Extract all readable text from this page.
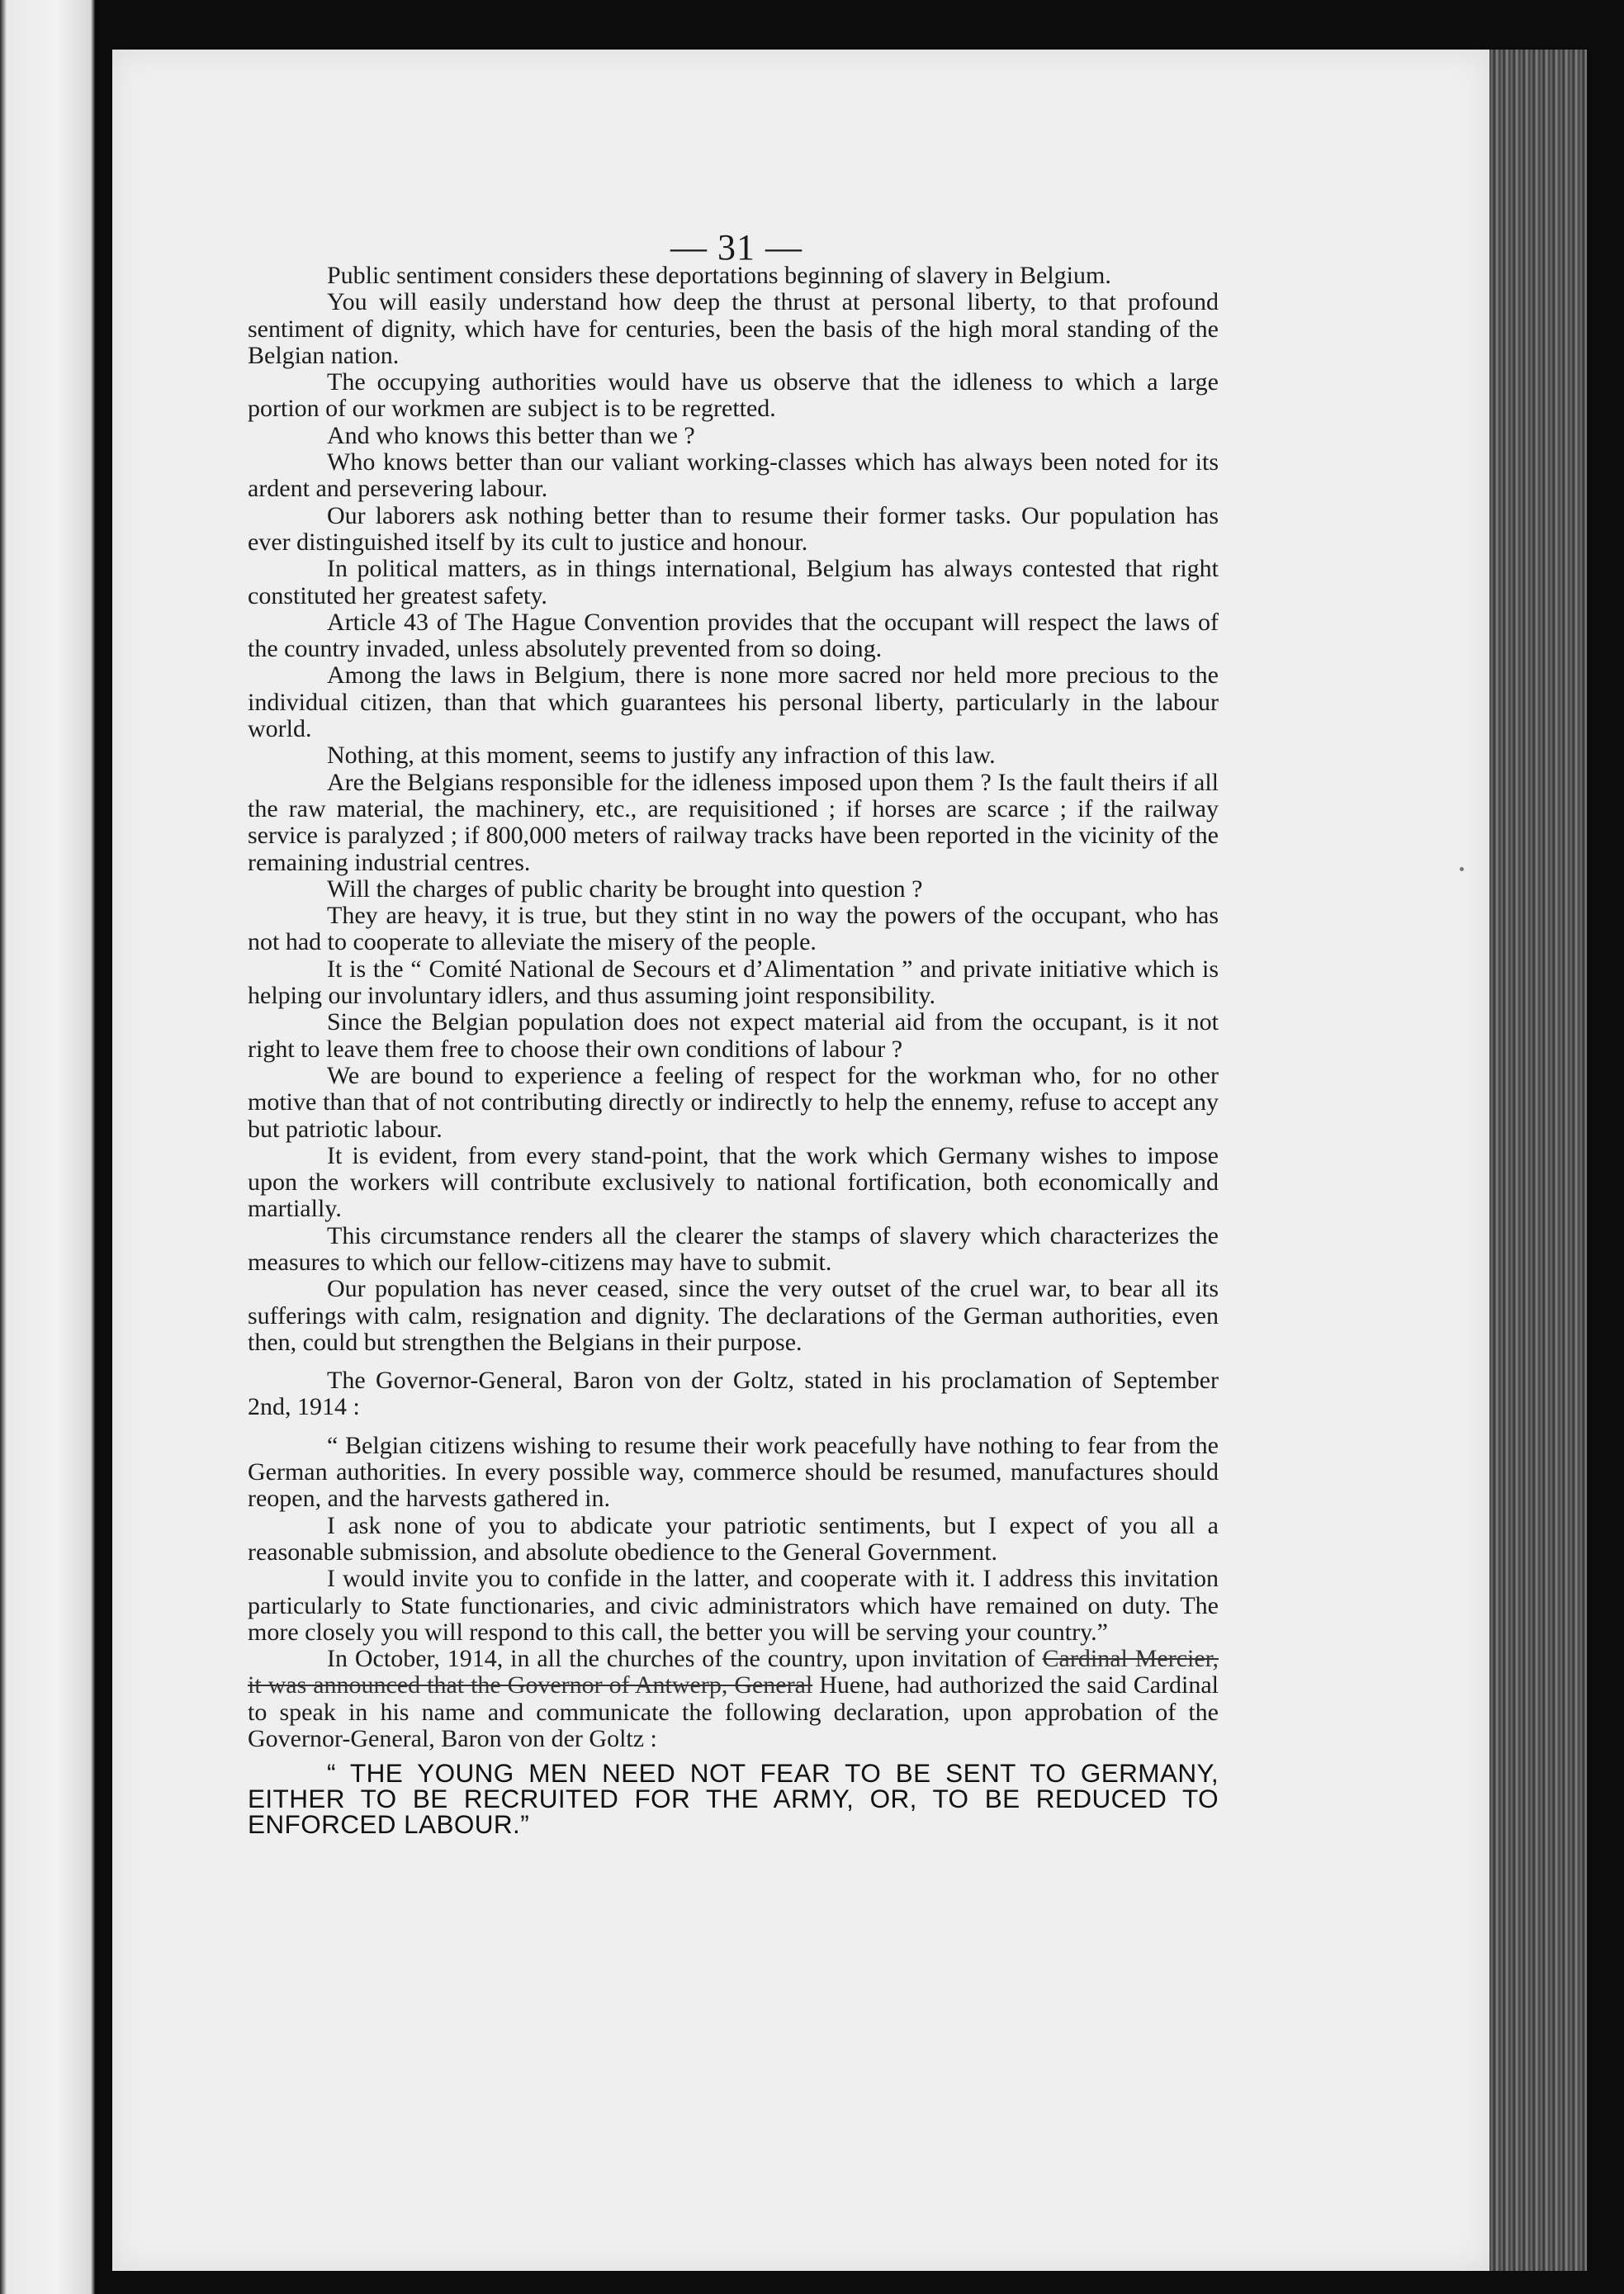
— 31 —

Public sentiment considers these deportations beginning of slavery in Belgium.

You will easily understand how deep the thrust at personal liberty, to that profound sentiment of dignity, which have for centuries, been the basis of the high moral standing of the Belgian nation.

The occupying authorities would have us observe that the idleness to which a large portion of our workmen are subject is to be regretted.

And who knows this better than we ?

Who knows better than our valiant working-classes which has always been noted for its ardent and persevering labour.

Our laborers ask nothing better than to resume their former tasks. Our population has ever distinguished itself by its cult to justice and honour.

In political matters, as in things international, Belgium has always contested that right constituted her greatest safety.

Article 43 of The Hague Convention provides that the occupant will respect the laws of the country invaded, unless absolutely prevented from so doing.

Among the laws in Belgium, there is none more sacred nor held more precious to the individual citizen, than that which guarantees his personal liberty, particularly in the labour world.

Nothing, at this moment, seems to justify any infraction of this law.

Are the Belgians responsible for the idleness imposed upon them ? Is the fault theirs if all the raw material, the machinery, etc., are requisitioned ; if horses are scarce ; if the railway service is paralyzed ; if 800,000 meters of railway tracks have been reported in the vicinity of the remaining industrial centres.

Will the charges of public charity be brought into question ?

They are heavy, it is true, but they stint in no way the powers of the occupant, who has not had to cooperate to alleviate the misery of the people.

It is the “ Comité National de Secours et d’Alimentation ” and private initiative which is helping our involuntary idlers, and thus assuming joint responsibility.

Since the Belgian population does not expect material aid from the occupant, is it not right to leave them free to choose their own conditions of labour ?

We are bound to experience a feeling of respect for the workman who, for no other motive than that of not contributing directly or indirectly to help the ennemy, refuse to accept any but patriotic labour.

It is evident, from every stand-point, that the work which Germany wishes to impose upon the workers will contribute exclusively to national fortification, both economically and martially.

This circumstance renders all the clearer the stamps of slavery which characterizes the measures to which our fellow-citizens may have to submit.

Our population has never ceased, since the very outset of the cruel war, to bear all its sufferings with calm, resignation and dignity. The declarations of the German authorities, even then, could but strengthen the Belgians in their purpose.

The Governor-General, Baron von der Goltz, stated in his proclamation of September 2nd, 1914 :

“ Belgian citizens wishing to resume their work peacefully have nothing to fear from the German authorities. In every possible way, commerce should be resumed, manufactures should reopen, and the harvests gathered in.

I ask none of you to abdicate your patriotic sentiments, but I expect of you all a reasonable submission, and absolute obedience to the General Government.

I would invite you to confide in the latter, and cooperate with it. I address this invitation particularly to State functionaries, and civic administrators which have remained on duty. The more closely you will respond to this call, the better you will be serving your country.”

In October, 1914, in all the churches of the country, upon invitation of Cardinal Mercier, it was announced that the Governor of Antwerp, General Huene, had authorized the said Cardinal to speak in his name and communicate the following declaration, upon approbation of the Governor-General, Baron von der Goltz :

“ THE YOUNG MEN NEED NOT FEAR TO BE SENT TO GERMANY, EITHER TO BE RECRUITED FOR THE ARMY, OR, TO BE REDUCED TO ENFORCED LABOUR.”
